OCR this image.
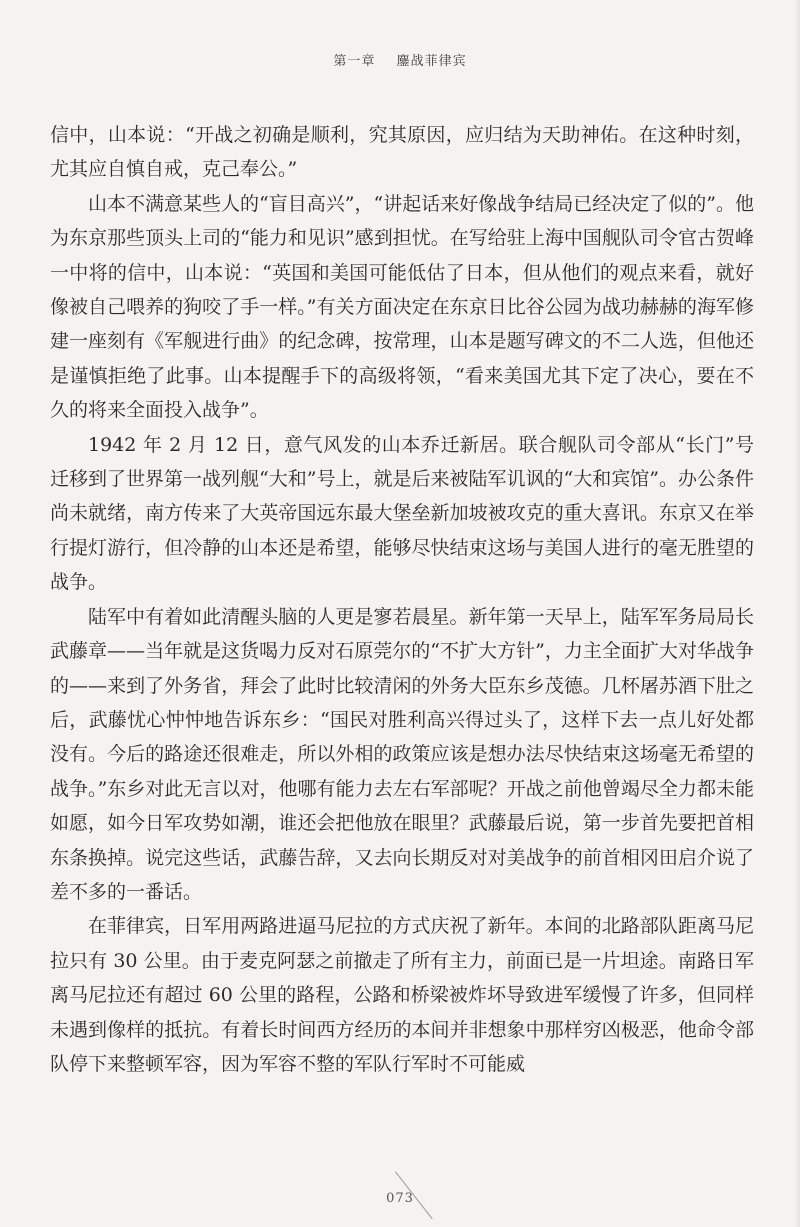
第一章 鏖战菲律宾

信中，山本说：“开战之初确是顺利，究其原因，应归结为天助神佑。在这种时刻，尤其应自慎自戒，克己奉公。”

山本不满意某些人的“盲目高兴”，“讲起话来好像战争结局已经决定了似的”。他为东京那些顶头上司的“能力和见识”感到担忧。在写给驻上海中国舰队司令官古贺峰一中将的信中，山本说：“英国和美国可能低估了日本，但从他们的观点来看，就好像被自己喂养的狗咬了手一样。”有关方面决定在东京日比谷公园为战功赫赫的海军修建一座刻有《军舰进行曲》的纪念碑，按常理，山本是题写碑文的不二人选，但他还是谨慎拒绝了此事。山本提醒手下的高级将领，“看来美国尤其下定了决心，要在不久的将来全面投入战争”。

1942 年 2 月 12 日，意气风发的山本乔迁新居。联合舰队司令部从“长门”号迁移到了世界第一战列舰“大和”号上，就是后来被陆军讥讽的“大和宾馆”。办公条件尚未就绪，南方传来了大英帝国远东最大堡垒新加坡被攻克的重大喜讯。东京又在举行提灯游行，但冷静的山本还是希望，能够尽快结束这场与美国人进行的毫无胜望的战争。

陆军中有着如此清醒头脑的人更是寥若晨星。新年第一天早上，陆军军务局局长武藤章——当年就是这货喝力反对石原莞尔的“不扩大方针”，力主全面扩大对华战争的——来到了外务省，拜会了此时比较清闲的外务大臣东乡茂德。几杯屠苏酒下肚之后，武藤忧心忡忡地告诉东乡：“国民对胜利高兴得过头了，这样下去一点儿好处都没有。今后的路途还很难走，所以外相的政策应该是想办法尽快结束这场毫无希望的战争。”东乡对此无言以对，他哪有能力去左右军部呢？开战之前他曾竭尽全力都未能如愿，如今日军攻势如潮，谁还会把他放在眼里？武藤最后说，第一步首先要把首相东条换掉。说完这些话，武藤告辞，又去向长期反对对美战争的前首相冈田启介说了差不多的一番话。

在菲律宾，日军用两路进逼马尼拉的方式庆祝了新年。本间的北路部队距离马尼拉只有 30 公里。由于麦克阿瑟之前撤走了所有主力，前面已是一片坦途。南路日军离马尼拉还有超过 60 公里的路程，公路和桥梁被炸坏导致进军缓慢了许多，但同样未遇到像样的抵抗。有着长时间西方经历的本间并非想象中那样穷凶极恶，他命令部队停下来整顿军容，因为军容不整的军队行军时不可能威

073
